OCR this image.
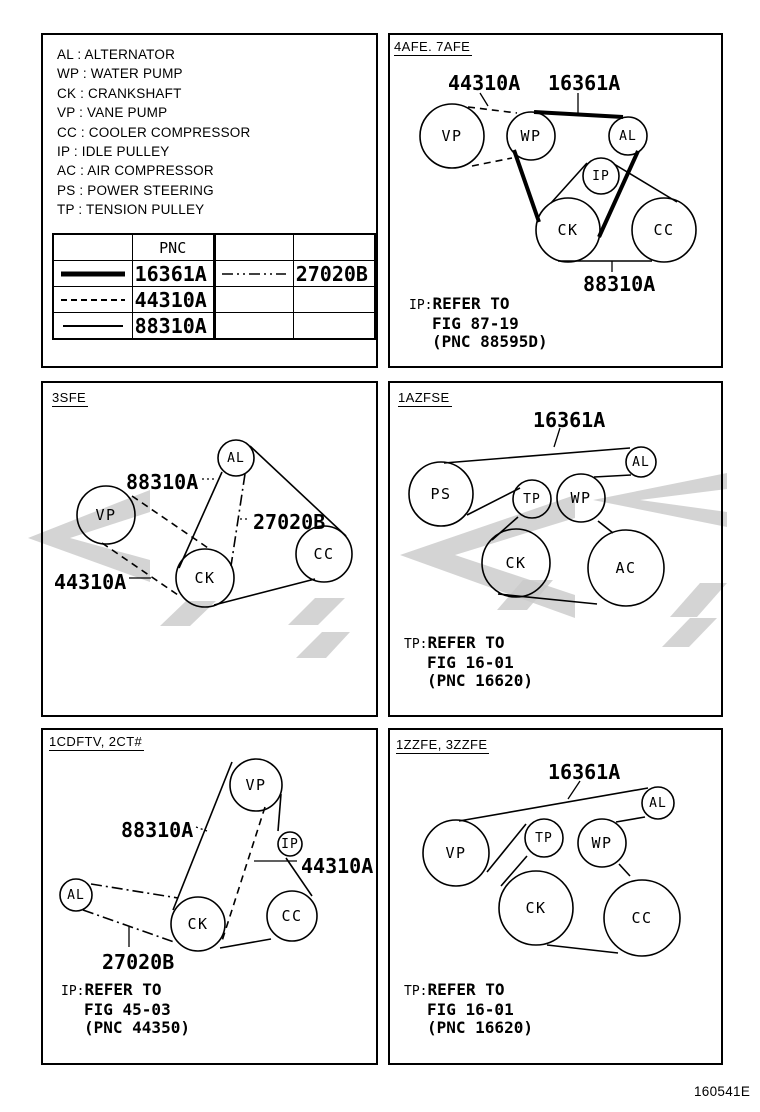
AL : ALTERNATOR
WP : WATER PUMP
CK : CRANKSHAFT
VP : VANE PUMP
CC : COOLER COMPRESSOR
IP : IDLE PULLEY
AC : AIR COMPRESSOR
PS : POWER STEERING
TP : TENSION PULLEY
	PNC		

	16361A		27020B

	44310A		

	88310A		
VP	WP	AL
IP
CK	CC
4AFE. 7AFE
44310A 16361A
88310A
IP:REFER TO
FIG 87-19
(PNC 88595D)
AL
VP
CK
CC
3SFE
88310A
27020B
44310A
PS	TP WP
AL
CK	AC
1AZFSE
16361A
TP:REFER TO
FIG 16-01
(PNC 16620)
VP
IP
AL
CK	CC
1CDFTV, 2CT#
88310A
44310A
27020B
IP:REFER TO
FIG 45-03
(PNC 44350)
AL
VP
TP	WP
CK
CC
1ZZFE, 3ZZFE
16361A
TP:REFER TO
FIG 16-01
(PNC 16620)
160541E
